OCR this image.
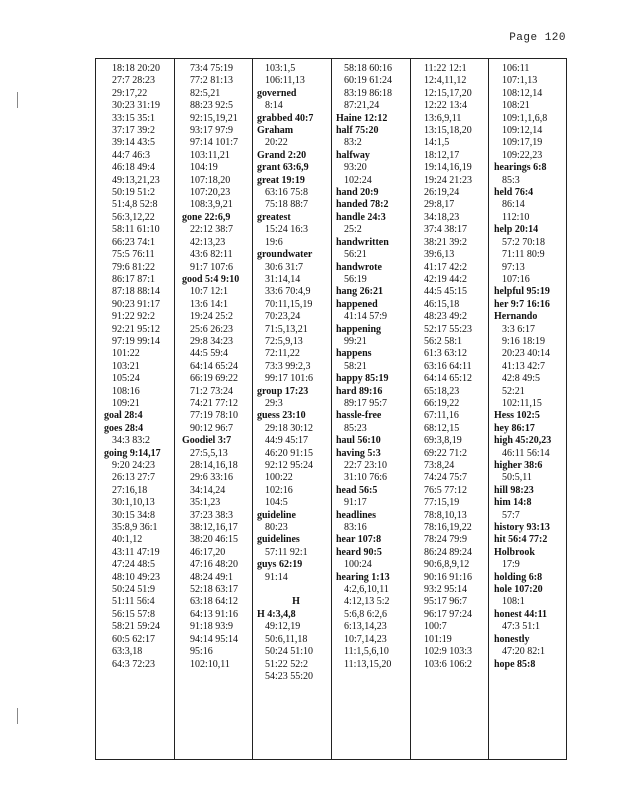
Page 120
18:18 20:20
27:7 28:23
29:17,22
30:23 31:19
33:15 35:1
37:17 39:2
39:14 43:5
44:7 46:3
46:18 49:4
49:13,21,23
50:19 51:2
51:4,8 52:8
56:3,12,22
58:11 61:10
66:23 74:1
75:5 76:11
79:6 81:22
86:17 87:1
87:18 88:14
90:23 91:17
91:22 92:2
92:21 95:12
97:19 99:14
101:22
103:21
105:24
108:16
109:21
goal 28:4
goes 28:4
34:3 83:2
going 9:14,17
9:20 24:23
26:13 27:7
27:16,18
30:1,10,13
30:15 34:8
35:8,9 36:1
40:1,12
43:11 47:19
47:24 48:5
48:10 49:23
50:24 51:9
51:11 56:4
56:15 57:8
58:21 59:24
60:5 62:17
63:3,18
64:3 72:23
73:4 75:19
77:2 81:13
82:5,21
88:23 92:5
92:15,19,21
93:17 97:9
97:14 101:7
103:11,21
104:19
107:18,20
107:20,23
108:3,9,21
gone 22:6,9
22:12 38:7
42:13,23
43:6 82:11
91:7 107:6
good 5:4 9:10
10:7 12:1
13:6 14:1
19:24 25:2
25:6 26:23
29:8 34:23
44:5 59:4
64:14 65:24
66:19 69:22
71:2 73:24
74:21 77:12
77:19 78:10
90:12 96:7
Goodiel 3:7
27:5,5,13
28:14,16,18
29:6 33:16
34:14,24
35:1,23
37:23 38:3
38:12,16,17
38:20 46:15
46:17,20
47:16 48:20
48:24 49:1
52:18 63:17
63:18 64:12
64:13 91:16
91:18 93:9
94:14 95:14
95:16
102:10,11
103:1,5
106:11,13
governed
8:14
grabbed 40:7
Graham
20:22
Grand 2:20
grant 63:6,9
great 19:19
63:16 75:8
75:18 88:7
greatest
15:24 16:3
19:6
groundwater
30:6 31:7
31:14,14
33:6 70:4,9
70:11,15,19
70:23,24
71:5,13,21
72:5,9,13
72:11,22
73:3 99:2,3
99:17 101:6
group 17:23
29:3
guess 23:10
29:18 30:12
44:9 45:17
46:20 91:15
92:12 95:24
100:22
102:16
104:5
guideline
80:23
guidelines
57:11 92:1
guys 62:19
91:14

H
H 4:3,4,8
49:12,19
50:6,11,18
50:24 51:10
51:22 52:2
54:23 55:20
58:18 60:16
60:19 61:24
83:19 86:18
87:21,24
Haine 12:12
half 75:20
83:2
halfway
93:20
102:24
hand 20:9
handed 78:2
handle 24:3
25:2
handwritten
56:21
handwrote
56:19
hang 26:21
happened
41:14 57:9
happening
99:21
happens
58:21
happy 85:19
hard 89:16
89:17 95:7
hassle-free
85:23
haul 56:10
having 5:3
22:7 23:10
31:10 76:6
head 56:5
91:17
headlines
83:16
hear 107:8
heard 90:5
100:24
hearing 1:13
4:2,6,10,11
4:12,13 5:2
5:6,8 6:2,6
6:13,14,23
10:7,14,23
11:1,5,6,10
11:13,15,20
11:22 12:1
12:4,11,12
12:15,17,20
12:22 13:4
13:6,9,11
13:15,18,20
14:1,5
18:12,17
19:14,16,19
19:24 21:23
26:19,24
29:8,17
34:18,23
37:4 38:17
38:21 39:2
39:6,13
41:17 42:2
42:19 44:2
44:5 45:15
46:15,18
48:23 49:2
52:17 55:23
56:2 58:1
61:3 63:12
63:16 64:11
64:14 65:12
65:18,23
66:19,22
67:11,16
68:12,15
69:3,8,19
69:22 71:2
73:8,24
74:24 75:7
76:5 77:12
77:15,19
78:8,10,13
78:16,19,22
78:24 79:9
86:24 89:24
90:6,8,9,12
90:16 91:16
93:2 95:14
95:17 96:7
96:17 97:24
100:7
101:19
102:9 103:3
103:6 106:2
106:11
107:1,13
108:12,14
108:21
109:1,1,6,8
109:12,14
109:17,19
109:22,23
hearings 6:8
85:3
held 76:4
86:14
112:10
help 20:14
57:2 70:18
71:11 80:9
97:13
107:16
helpful 95:19
her 9:7 16:16
Hernando
3:3 6:17
9:16 18:19
20:23 40:14
41:13 42:7
42:8 49:5
52:21
102:11,15
Hess 102:5
hey 86:17
high 45:20,23
46:11 56:14
higher 38:6
50:5,11
hill 98:23
him 14:8
57:7
history 93:13
hit 56:4 77:2
Holbrook
17:9
holding 6:8
hole 107:20
108:1
honest 44:11
47:3 51:1
honestly
47:20 82:1
hope 85:8
